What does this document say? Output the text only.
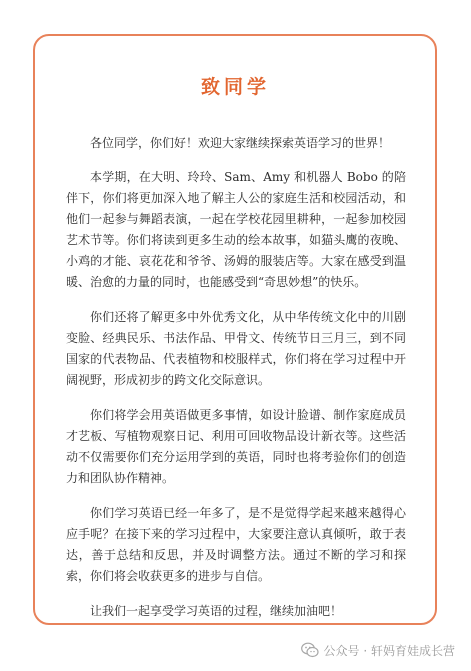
致同学

各位同学，你们好！欢迎大家继续探索英语学习的世界！

本学期，在大明、玲玲、Sam、Amy 和机器人 Bobo 的陪伴下，你们将更加深入地了解主人公的家庭生活和校园活动，和他们一起参与舞蹈表演，一起在学校花园里耕种，一起参加校园艺术节等。你们将读到更多生动的绘本故事，如猫头鹰的夜晚、小鸡的才能、哀花花和爷爷、汤姆的服装店等。大家在感受到温暖、治愈的力量的同时，也能感受到“奇思妙想”的快乐。

你们还将了解更多中外优秀文化，从中华传统文化中的川剧变脸、经典民乐、书法作品、甲骨文、传统节日三月三，到不同国家的代表物品、代表植物和校服样式，你们将在学习过程中开阔视野，形成初步的跨文化交际意识。

你们将学会用英语做更多事情，如设计脸谱、制作家庭成员才艺板、写植物观察日记、利用可回收物品设计新衣等。这些活动不仅需要你们充分运用学到的英语，同时也将考验你们的创造力和团队协作精神。

你们学习英语已经一年多了，是不是觉得学起来越来越得心应手呢？在接下来的学习过程中，大家要注意认真倾听，敢于表达，善于总结和反思，并及时调整方法。通过不断的学习和探索，你们将会收获更多的进步与自信。

让我们一起享受学习英语的过程，继续加油吧！

公众号 · 轩妈育娃成长营
